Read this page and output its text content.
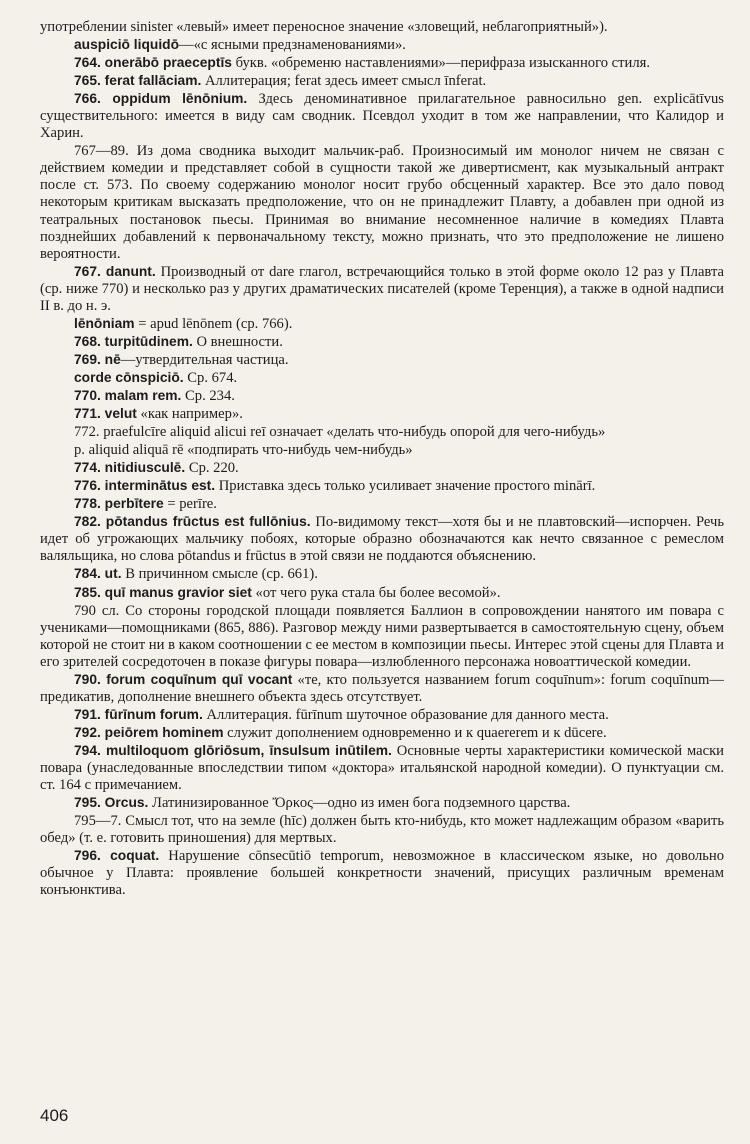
употреблении sinister «левый» имеет переносное значение «зловещий, неблагоприятный»).

auspiciō liquidō—«с ясными предзнаменованиями».

764. onerābō praeceptīs букв. «обременю наставлениями»—перифраза изысканного стиля.

765. ferat fallāciam. Аллитерация; ferat здесь имеет смысл īnferat.

766. oppidum lēnōnium. Здесь деноминативное прилагательное равносильно gen. explicātīvus существительного: имеется в виду сам сводник. Псевдол уходит в том же направлении, что Калидор и Харин.

767—89. Из дома сводника выходит мальчик-раб. Произносимый им монолог ничем не связан с действием комедии и представляет собой в сущности такой же дивертисмент, как музыкальный антракт после ст. 573. По своему содержанию монолог носит грубо обсценный характер. Все это дало повод некоторым критикам высказать предположение, что он не принадлежит Плавту, а добавлен при одной из театральных постановок пьесы. Принимая во внимание несомненное наличие в комедиях Плавта позднейших добавлений к первоначальному тексту, можно признать, что это предположение не лишено вероятности.

767. danunt. Производный от dare глагол, встречающийся только в этой форме около 12 раз у Плавта (ср. ниже 770) и несколько раз у других драматических писателей (кроме Теренция), а также в одной надписи II в. до н. э.

lēnōniam = apud lēnōnem (ср. 766).

768. turpitūdinem. О внешности.

769. nē—утвердительная частица.

corde cōnspiciō. Ср. 674.

770. malam rem. Ср. 234.

771. velut «как например».

772. praefulcīre aliquid alicui reī означает «делать что-нибудь опорой для чего-нибудь»

p. aliquid aliquā rē «подпирать что-нибудь чем-нибудь»

774. nitidiusculē. Ср. 220.

776. interminātus est. Приставка здесь только усиливает значение простого minārī.

778. perbītere = perīre.

782. pōtandus frūctus est fullōnius. По-видимому текст—хотя бы и не плавтовский—испорчен. Речь идет об угрожающих мальчику побоях, которые образно обозначаются как нечто связанное с ремеслом валяльщика, но слова pōtandus и frūctus в этой связи не поддаются объяснению.

784. ut. В причинном смысле (ср. 661).

785. quī manus gravior siet «от чего рука стала бы более весомой».

790 сл. Со стороны городской площади появляется Баллион в сопровождении нанятого им повара с учениками—помощниками (865, 886). Разговор между ними развертывается в самостоятельную сцену, объем которой не стоит ни в каком соотношении с ее местом в композиции пьесы. Интерес этой сцены для Плавта и его зрителей сосредоточен в показе фигуры повара—излюбленного персонажа новоаттической комедии.

790. forum coquīnum quī vocant «те, кто пользуется названием forum coquīnum»: forum coquīnum—предикатив, дополнение внешнего объекта здесь отсутствует.

791. fūrīnum forum. Аллитерация. fūrīnum шуточное образование для данного места.

792. peiōrem hominem служит дополнением одновременно и к quaererem и к dūcere.

794. multiloquom glōriōsum, īnsulsum inūtilem. Основные черты характеристики комической маски повара (унаследованные впоследствии типом «доктора» итальянской народной комедии). О пунктуации см. ст. 164 с примечанием.

795. Orcus. Латинизированное Ὄρκος—одно из имен бога подземного царства.

795—7. Смысл тот, что на земле (hīc) должен быть кто-нибудь, кто может надлежащим образом «варить обед» (т. е. готовить приношения) для мертвых.

796. coquat. Нарушение cōnsecūtiō temporum, невозможное в классическом языке, но довольно обычное у Плавта: проявление большей конкретности значений, присущих различным временам конъюнктива.

406
